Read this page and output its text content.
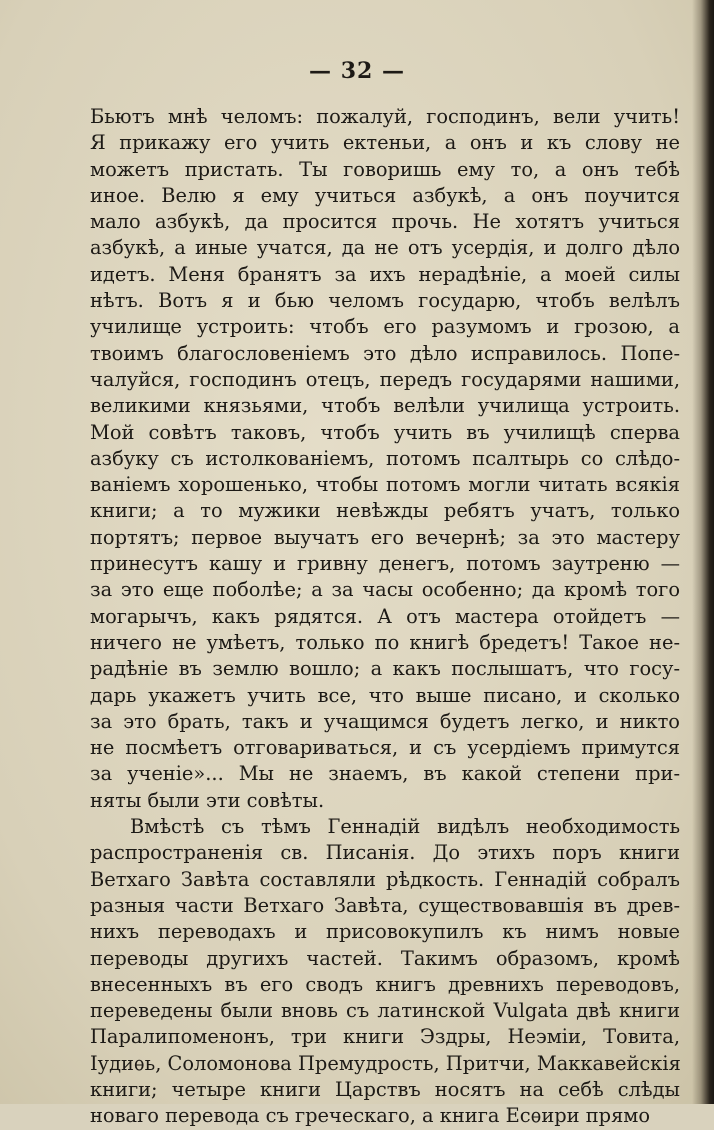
— 32 —
Бьютъ мнѣ челомъ: пожалуй, господинъ, вели учить!
Я прикажу его учить ектеньи, а онъ и къ слову не
можетъ пристать. Ты говоришь ему то, а онъ тебѣ
иное. Велю я ему учиться азбукѣ, а онъ поучится
мало азбукѣ, да просится прочь. Не хотятъ учиться
азбукѣ, а иные учатся, да не отъ усердія, и долго дѣло
идетъ. Меня бранятъ за ихъ нерадѣніе, а моей силы
нѣтъ. Вотъ я и бью челомъ государю, чтобъ велѣлъ
училище устроить: чтобъ его разумомъ и грозою, а
твоимъ благословеніемъ это дѣло исправилось. Попе-
чалуйся, господинъ отецъ, передъ государями нашими,
великими князьями, чтобъ велѣли училища устроить.
Мой совѣтъ таковъ, чтобъ учить въ училищѣ сперва
азбуку съ истолкованіемъ, потомъ псалтырь со слѣдо-
ваніемъ хорошенько, чтобы потомъ могли читать всякія
книги; а то мужики невѣжды ребятъ учатъ, только
портятъ; первое выучатъ его вечернѣ; за это мастеру
принесутъ кашу и гривну денегъ, потомъ заутреню —
за это еще поболѣе; а за часы особенно; да кромѣ того
могарычъ, какъ рядятся. А отъ мастера отойдетъ —
ничего не умѣетъ, только по книгѣ бредетъ! Такое не-
радѣніе въ землю вошло; а какъ послышатъ, что госу-
дарь укажетъ учить все, что выше писано, и сколько
за это брать, такъ и учащимся будетъ легко, и никто
не посмѣетъ отговариваться, и съ усердіемъ примутся
за ученіе»... Мы не знаемъ, въ какой степени при-
няты были эти совѣты.
Вмѣстѣ съ тѣмъ Геннадій видѣлъ необходимость
распространенія св. Писанія. До этихъ поръ книги
Ветхаго Завѣта составляли рѣдкость. Геннадій собралъ
разныя части Ветхаго Завѣта, существовавшія въ древ-
нихъ переводахъ и присовокупилъ къ нимъ новые
переводы другихъ частей. Такимъ образомъ, кромѣ
внесенныхъ въ его сводъ книгъ древнихъ переводовъ,
переведены были вновь съ латинской Vulgata двѣ книги
Паралипоменонъ, три книги Эздры, Неэміи, Товита,
Іудиѳь, Соломонова Премудрость, Притчи, Маккавейскія
книги; четыре книги Царствъ носятъ на себѣ слѣды
новаго перевода съ греческаго, а книга Есѳири прямо
